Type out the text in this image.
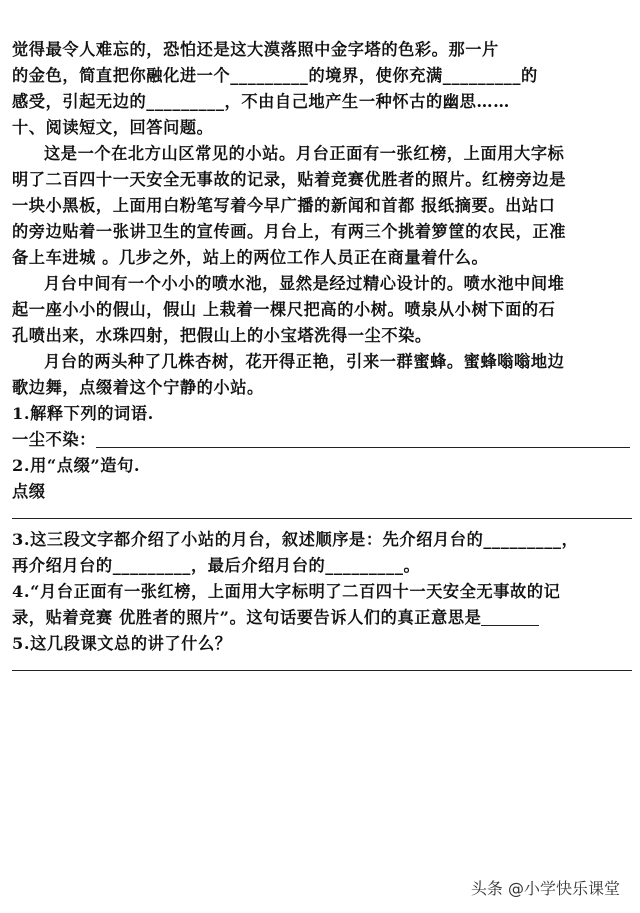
觉得最令人难忘的，恐怕还是这大漠落照中金字塔的色彩。那一片
的金色，简直把你融化进一个_________的境界，使你充满_________的
感受，引起无边的_________，不由自己地产生一种怀古的幽思……
十、阅读短文，回答问题。
这是一个在北方山区常见的小站。月台正面有一张红榜，上面用大字标
明了二百四十一天安全无事故的记录，贴着竞赛优胜者的照片。红榜旁边是
一块小黑板，上面用白粉笔写着今早广播的新闻和首都 报纸摘要。出站口
的旁边贴着一张讲卫生的宣传画。月台上，有两三个挑着箩筐的农民，正准
备上车进城 。几步之外，站上的两位工作人员正在商量着什么。
月台中间有一个小小的喷水池，显然是经过精心设计的。喷水池中间堆
起一座小小的假山，假山 上栽着一棵尺把高的小树。喷泉从小树下面的石
孔喷出来，水珠四射，把假山上的小宝塔洗得一尘不染。
月台的两头种了几株杏树，花开得正艳，引来一群蜜蜂。蜜蜂嗡嗡地边
歌边舞，点缀着这个宁静的小站。
1.解释下列的词语.
一尘不染：
2.用“点缀”造句.
点缀
3.这三段文字都介绍了小站的月台，叙述顺序是：先介绍月台的_________，
再介绍月台的_________，最后介绍月台的_________。
4.“月台正面有一张红榜，上面用大字标明了二百四十一天安全无事故的记
录，贴着竞赛 优胜者的照片”。这句话要告诉人们的真正意思是
5.这几段课文总的讲了什么？
头条 @小学快乐课堂
